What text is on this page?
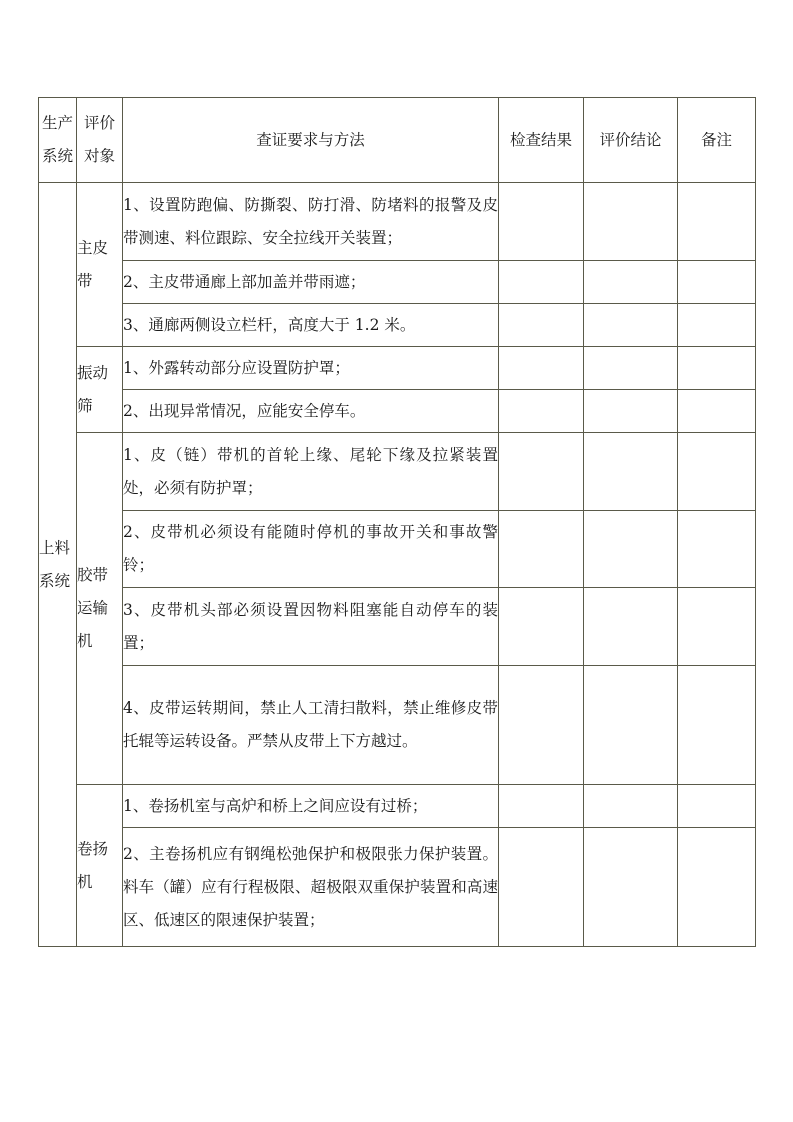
生产系统	评价对象	查证要求与方法	检查结果	评价结论	备注
上料系统	主皮带	1、设置防跑偏、防撕裂、防打滑、防堵料的报警及皮带测速、料位跟踪、安全拉线开关装置；			
		2、主皮带通廊上部加盖并带雨遮；			
		3、通廊两侧设立栏杆，高度大于 1.2 米。			
	振动筛	1、外露转动部分应设置防护罩；			
		2、出现异常情况，应能安全停车。			
	胶带运输机	1、皮（链）带机的首轮上缘、尾轮下缘及拉紧装置处，必须有防护罩；			
		2、皮带机必须设有能随时停机的事故开关和事故警铃；			
		3、皮带机头部必须设置因物料阻塞能自动停车的装置；			
		4、皮带运转期间，禁止人工清扫散料，禁止维修皮带托辊等运转设备。严禁从皮带上下方越过。			
	卷扬机	1、卷扬机室与高炉和桥上之间应设有过桥；			
		2、主卷扬机应有钢绳松弛保护和极限张力保护装置。料车（罐）应有行程极限、超极限双重保护装置和高速区、低速区的限速保护装置；			
